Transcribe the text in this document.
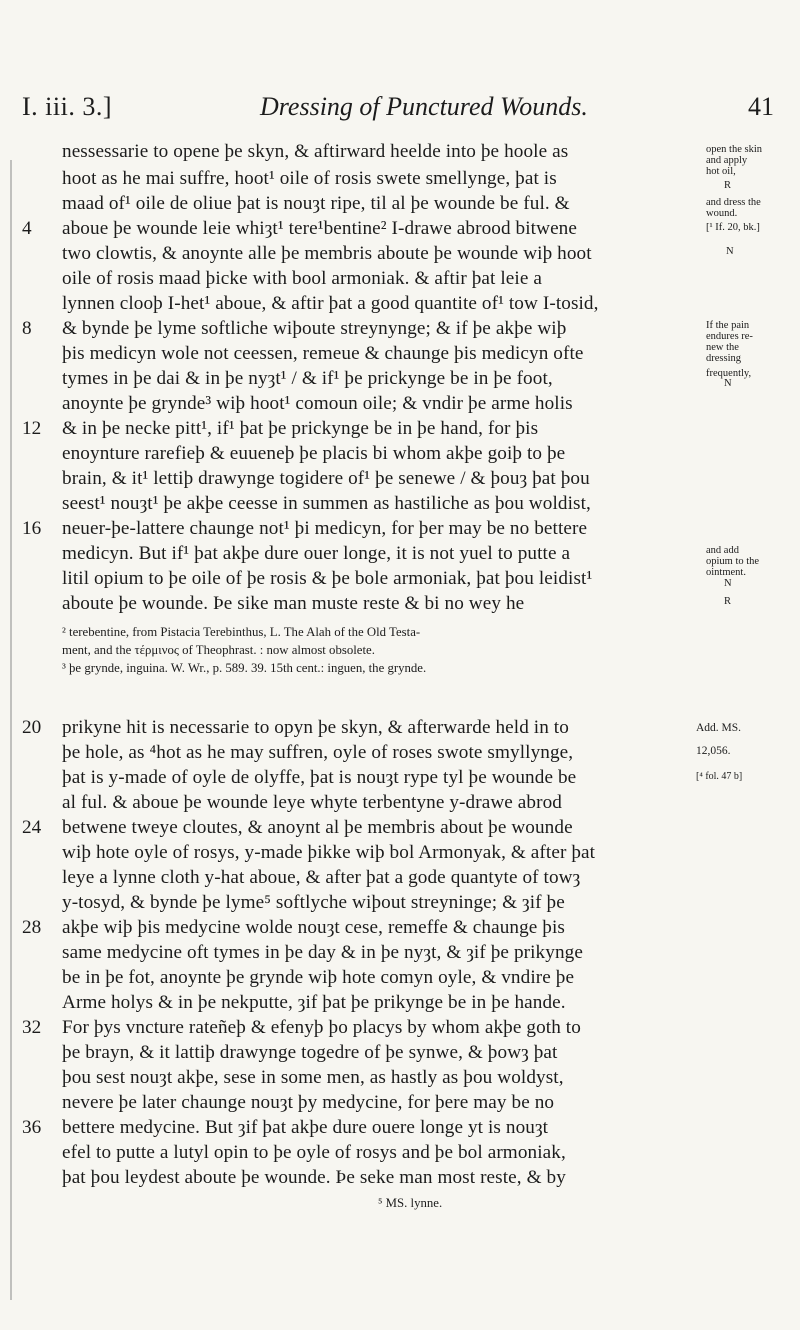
I. iii. 3.]	Dressing of Punctured Wounds.	41
nessessarie to opene þe skyn, & aftirward heelde into þe hoole as
hoot as he mai suffre, hoot¹ oile of rosis swete smellynge, þat is
maad of¹ oile de oliue þat is nouȝt ripe, til al þe wounde be ful. &
aboue þe wounde leie whiȝt¹ tere¹bentine² I-drawe abrood bitwene
two clowtis, & anoynte alle þe membris aboute þe wounde wiþ hoot
oile of rosis maad þicke with bool armoniak. & aftir þat leie a
lynnen clooþ I-het¹ aboue, & aftir þat a good quantite of¹ tow I-tosid,
& bynde þe lyme softliche wiþoute streynynge; & if þe akþe wiþ
þis medicyn wole not ceessen, remeue & chaunge þis medicyn ofte
tymes in þe dai & in þe nyȝt¹ / & if¹ þe prickynge be in þe foot,
anoynte þe grynde³ wiþ hoot¹ comoun oile; & vndir þe arme holis
& in þe necke pitt¹, if¹ þat þe prickynge be in þe hand, for þis
enoynture rarefieþ & euueneþ þe placis bi whom akþe goiþ to þe
brain, & it¹ lettiþ drawynge togidere of¹ þe senewe / & þouȝ þat þou
seest¹ nouȝt¹ þe akþe ceesse in summen as hastiliche as þou woldist,
neuer-þe-lattere chaunge not¹ þi medicyn, for þer may be no bettere
medicyn. But if¹ þat akþe dure ouer longe, it is not yuel to putte a
litil opium to þe oile of þe rosis & þe bole armoniak, þat þou leidist¹
aboute þe wounde. Þe sike man muste reste & bi no wey he
4
8
12
16
open the skin
and apply
hot oil,
R
and dress the
wound.
[¹ If. 20, bk.]
N
If the pain
endures re-
new the
dressing
frequently,
N
and add
opium to the
ointment.
N
R
² terebentine, from Pistacia Terebinthus, L. The Alah of the Old Testa-
ment, and the τέρμινος of Theophrast. : now almost obsolete.
³ þe grynde, inguina. W. Wr., p. 589. 39. 15th cent.: inguen, the grynde.
prikyne hit is necessarie to opyn þe skyn, & afterwarde held in to
þe hole, as ⁴hot as he may suffren, oyle of roses swote smyllynge,
þat is y-made of oyle de olyffe, þat is nouȝt rype tyl þe wounde be
al ful. & aboue þe wounde leye whyte terbentyne y-drawe abrod
betwene tweye cloutes, & anoynt al þe membris about þe wounde
wiþ hote oyle of rosys, y-made þikke wiþ bol Armonyak, & after þat
leye a lynne cloth y-hat aboue, & after þat a gode quantyte of towȝ
y-tosyd, & bynde þe lyme⁵ softlyche wiþout streyninge; & ȝif þe
akþe wiþ þis medycine wolde nouȝt cese, remeffe & chaunge þis
same medycine oft tymes in þe day & in þe nyȝt, & ȝif þe prikynge
be in þe fot, anoynte þe grynde wiþ hote comyn oyle, & vndire þe
Arme holys & in þe nekputte, ȝif þat þe prikynge be in þe hande.
For þys vncture rateñeþ & efenyþ þo placys by whom akþe goth to
þe brayn, & it lattiþ drawynge togedre of þe synwe, & þowȝ þat
þou sest nouȝt akþe, sese in some men, as hastly as þou woldyst,
nevere þe later chaunge nouȝt þy medycine, for þere may be no
bettere medycine. But ȝif þat akþe dure ouere longe yt is nouȝt
efel to putte a lutyl opin to þe oyle of rosys and þe bol armoniak,
þat þou leydest aboute þe wounde. Þe seke man most reste, & by
20
24
28
32
36
Add. MS.
12,056.
[⁴ fol. 47 b]
⁵ MS. lynne.
